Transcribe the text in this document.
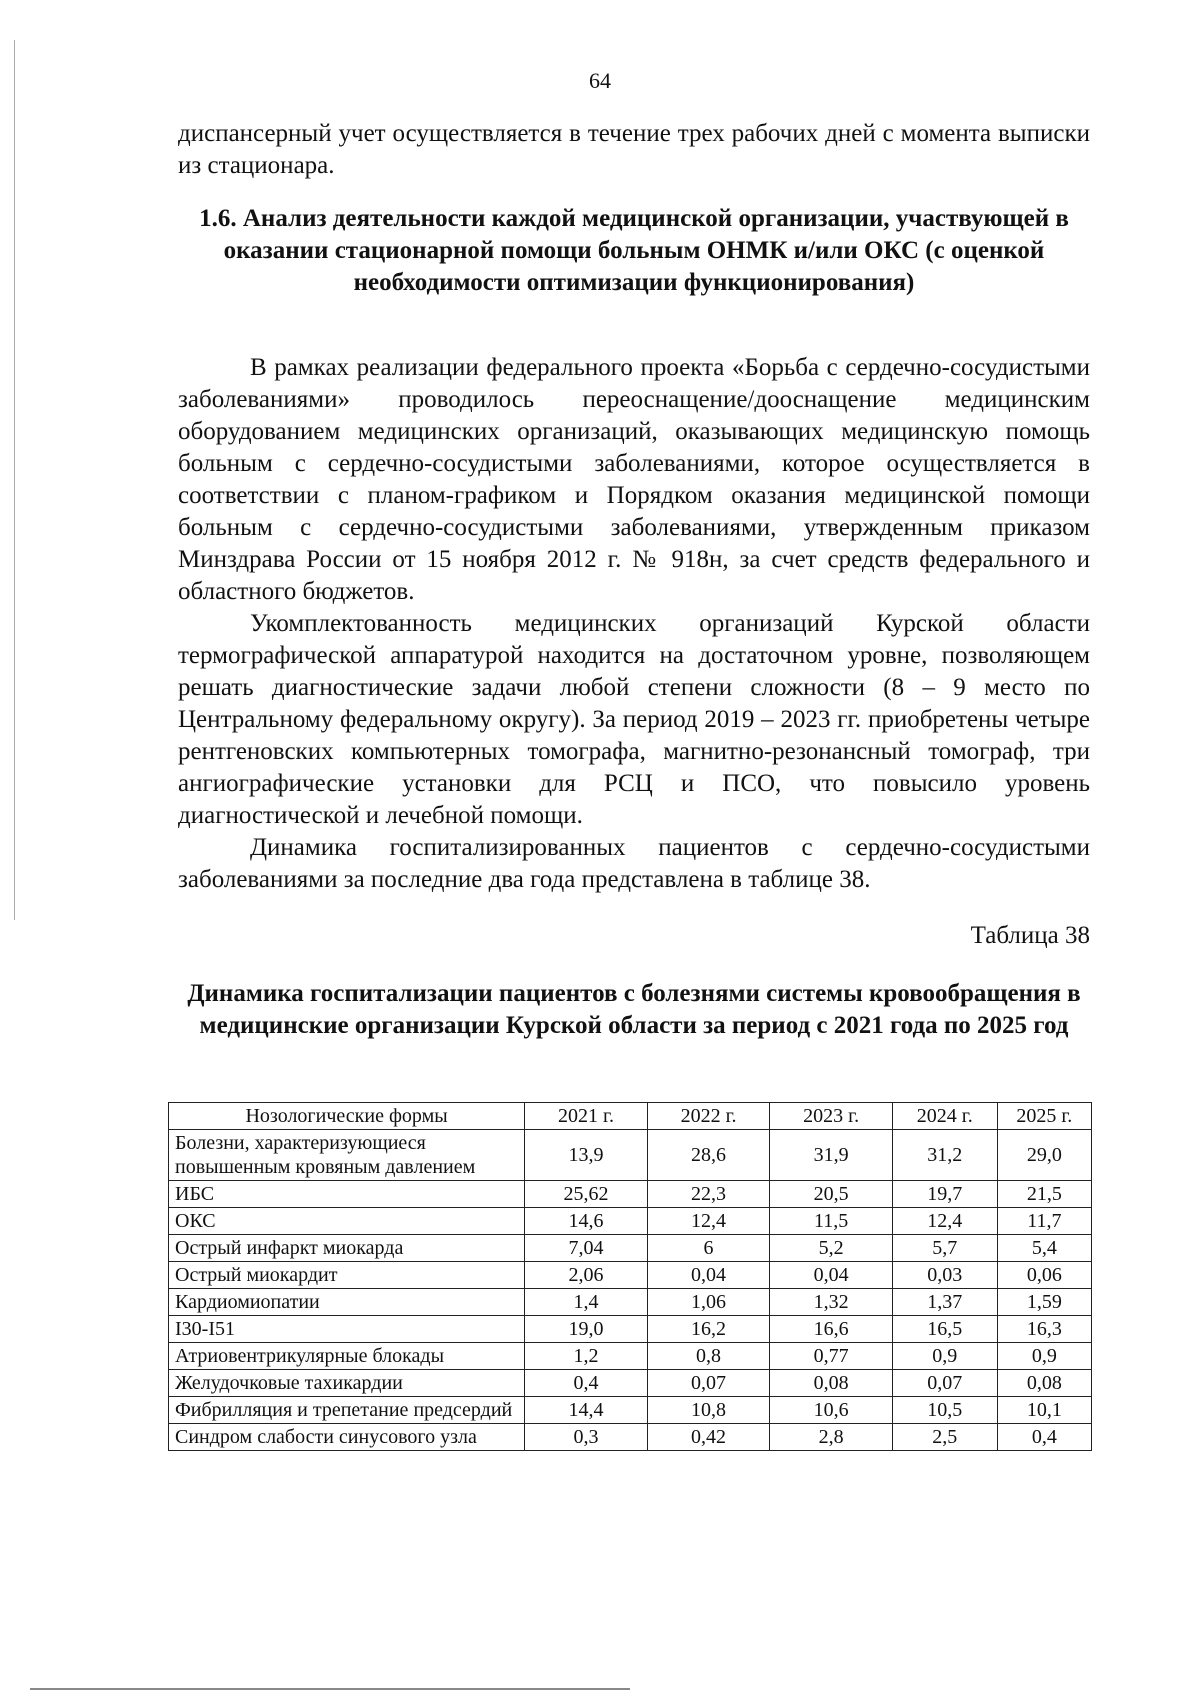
64
диспансерный учет осуществляется в течение трех рабочих дней с момента выписки из стационара.
1.6. Анализ деятельности каждой медицинской организации, участвующей в оказании стационарной помощи больным ОНМК и/или ОКС (с оценкой необходимости оптимизации функционирования)

В рамках реализации федерального проекта «Борьба с сердечно-сосудистыми заболеваниями» проводилось переоснащение/дооснащение медицинским оборудованием медицинских организаций, оказывающих медицинскую помощь больным с сердечно-сосудистыми заболеваниями, которое осуществляется в соответствии с планом-графиком и Порядком оказания медицинской помощи больным с сердечно-сосудистыми заболеваниями, утвержденным приказом Минздрава России от 15 ноября 2012 г. № 918н, за счет средств федерального и областного бюджетов.

Укомплектованность медицинских организаций Курской области термографической аппаратурой находится на достаточном уровне, позволяющем решать диагностические задачи любой степени сложности (8 – 9 место по Центральному федеральному округу). За период 2019 – 2023 гг. приобретены четыре рентгеновских компьютерных томографа, магнитно-резонансный томограф, три ангиографические установки для РСЦ и ПСО, что повысило уровень диагностической и лечебной помощи.

Динамика госпитализированных пациентов с сердечно-сосудистыми заболеваниями за последние два года представлена в таблице 38.

Таблица 38
Динамика госпитализации пациентов с болезнями системы кровообращения в медицинские организации Курской области за период с 2021 года по 2025 год
Нозологические формы	2021 г.	2022 г.	2023 г.	2024 г.	2025 г.
Болезни, характеризующиеся повышенным кровяным давлением	13,9	28,6	31,9	31,2	29,0
ИБС	25,62	22,3	20,5	19,7	21,5
ОКС	14,6	12,4	11,5	12,4	11,7
Острый инфаркт миокарда	7,04	6	5,2	5,7	5,4
Острый миокардит	2,06	0,04	0,04	0,03	0,06
Кардиомиопатии	1,4	1,06	1,32	1,37	1,59
I30-I51	19,0	16,2	16,6	16,5	16,3
Атриовентрикулярные блокады	1,2	0,8	0,77	0,9	0,9
Желудочковые тахикардии	0,4	0,07	0,08	0,07	0,08
Фибрилляция и трепетание предсердий	14,4	10,8	10,6	10,5	10,1
Синдром слабости синусового узла	0,3	0,42	2,8	2,5	0,4
